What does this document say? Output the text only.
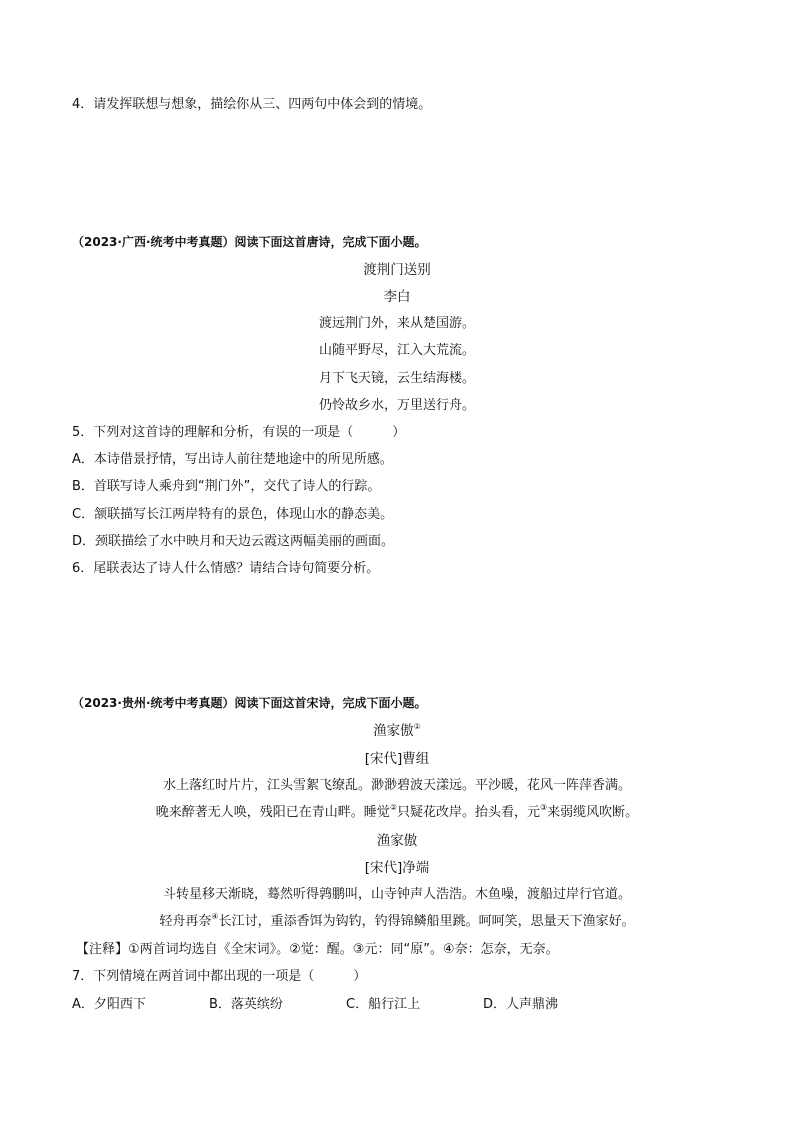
4．请发挥联想与想象，描绘你从三、四两句中体会到的情境。
（2023·广西·统考中考真题）阅读下面这首唐诗，完成下面小题。
渡荆门送别
李白
渡远荆门外，来从楚国游。
山随平野尽，江入大荒流。
月下飞天镜，云生结海楼。
仍怜故乡水，万里送行舟。
5．下列对这首诗的理解和分析，有误的一项是（　　　）
A．本诗借景抒情，写出诗人前往楚地途中的所见所感。
B．首联写诗人乘舟到“荆门外”，交代了诗人的行踪。
C．颔联描写长江两岸特有的景色，体现山水的静态美。
D．颈联描绘了水中映月和天边云霞这两幅美丽的画面。
6．尾联表达了诗人什么情感？请结合诗句简要分析。
（2023·贵州·统考中考真题）阅读下面这首宋诗，完成下面小题。
渔家傲①
[宋代]曹组
水上落红时片片，江头雪絮飞缭乱。渺渺碧波天漾远。平沙暖，花风一阵萍香满。
晚来醉著无人唤，残阳已在青山畔。睡觉②只疑花改岸。抬头看，元③来弱缆风吹断。
渔家傲
[宋代]净端
斗转星移天渐晓，蓦然听得鹑鹏叫，山寺钟声人浩浩。木鱼噪，渡船过岸行官道。
轻舟再奈④长江讨，重添香饵为钩钓，钓得锦鳞船里跳。呵呵笑，思量天下渔家好。
【注释】①两首词均选自《全宋词》。②觉：醒。③元：同“原”。④奈：怎奈，无奈。
7．下列情境在两首词中都出现的一项是（　　　）
A．夕阳西下	B．落英缤纷	C．船行江上	D．人声鼎沸
